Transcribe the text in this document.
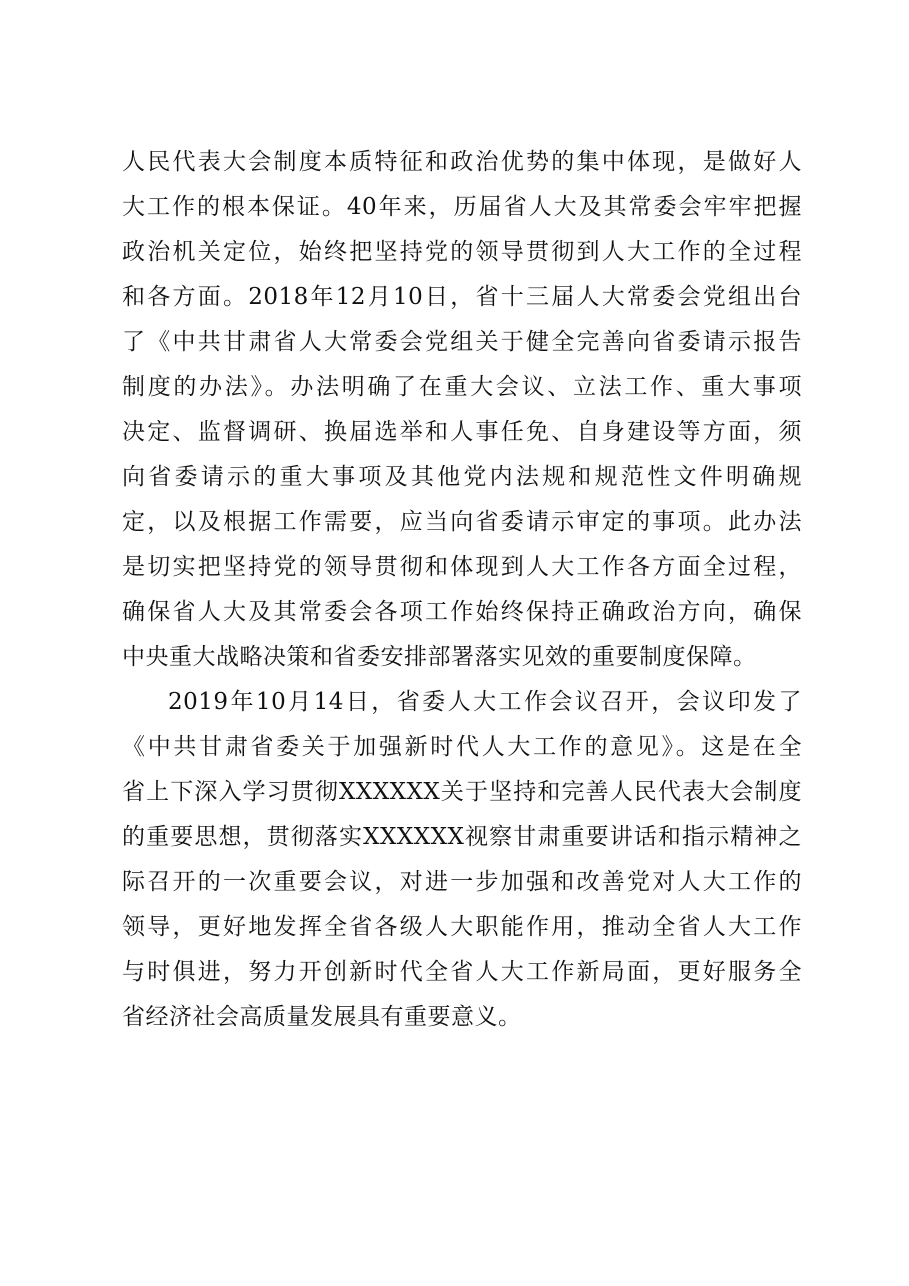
人民代表大会制度本质特征和政治优势的集中体现，是做好人
大工作的根本保证。40年来，历届省人大及其常委会牢牢把握
政治机关定位，始终把坚持党的领导贯彻到人大工作的全过程
和各方面。2018年12月10日，省十三届人大常委会党组出台
了《中共甘肃省人大常委会党组关于健全完善向省委请示报告
制度的办法》。办法明确了在重大会议、立法工作、重大事项
决定、监督调研、换届选举和人事任免、自身建设等方面，须
向省委请示的重大事项及其他党内法规和规范性文件明确规
定，以及根据工作需要，应当向省委请示审定的事项。此办法
是切实把坚持党的领导贯彻和体现到人大工作各方面全过程，
确保省人大及其常委会各项工作始终保持正确政治方向，确保
中央重大战略决策和省委安排部署落实见效的重要制度保障。
2019年10月14日，省委人大工作会议召开，会议印发了
《中共甘肃省委关于加强新时代人大工作的意见》。这是在全
省上下深入学习贯彻XXXXXX关于坚持和完善人民代表大会制度
的重要思想，贯彻落实XXXXXX视察甘肃重要讲话和指示精神之
际召开的一次重要会议，对进一步加强和改善党对人大工作的
领导，更好地发挥全省各级人大职能作用，推动全省人大工作
与时俱进，努力开创新时代全省人大工作新局面，更好服务全
省经济社会高质量发展具有重要意义。
